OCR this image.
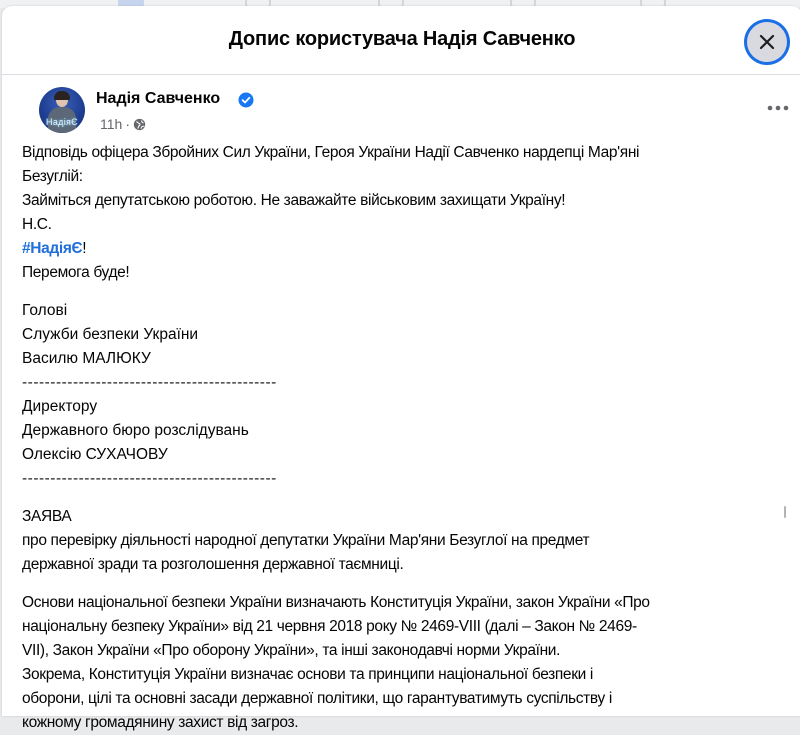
Допис користувача Надія Савченко
НадіяЄ
Надія Савченко
11h ·
Відповідь офіцера Збройних Сил України, Героя України Надії Савченко нардепці Мар'яні
Безуглій:
Займіться депутатською роботою. Не заважайте військовим захищати Україну!
Н.С.
#НадіяЄ!
Перемога буде!
Голові
Служби безпеки України
Василю МАЛЮКУ
---------------------------------------------
Директору
Державного бюро розслідувань
Олексію СУХАЧОВУ
---------------------------------------------
ЗАЯВА
про перевірку діяльності народної депутатки України Мар'яни Безуглої на предмет
державної зради та розголошення державної таємниці.
Основи національної безпеки України визначають Конституція України, закон України «Про
національну безпеку України» від 21 червня 2018 року № 2469-VIII (далі – Закон № 2469-
VII), Закон України «Про оборону України», та інші законодавчі норми України.
Зокрема, Конституція України визначає основи та принципи національної безпеки і
оборони, цілі та основні засади державної політики, що гарантуватимуть суспільству і
кожному громадянину захист від загроз.
